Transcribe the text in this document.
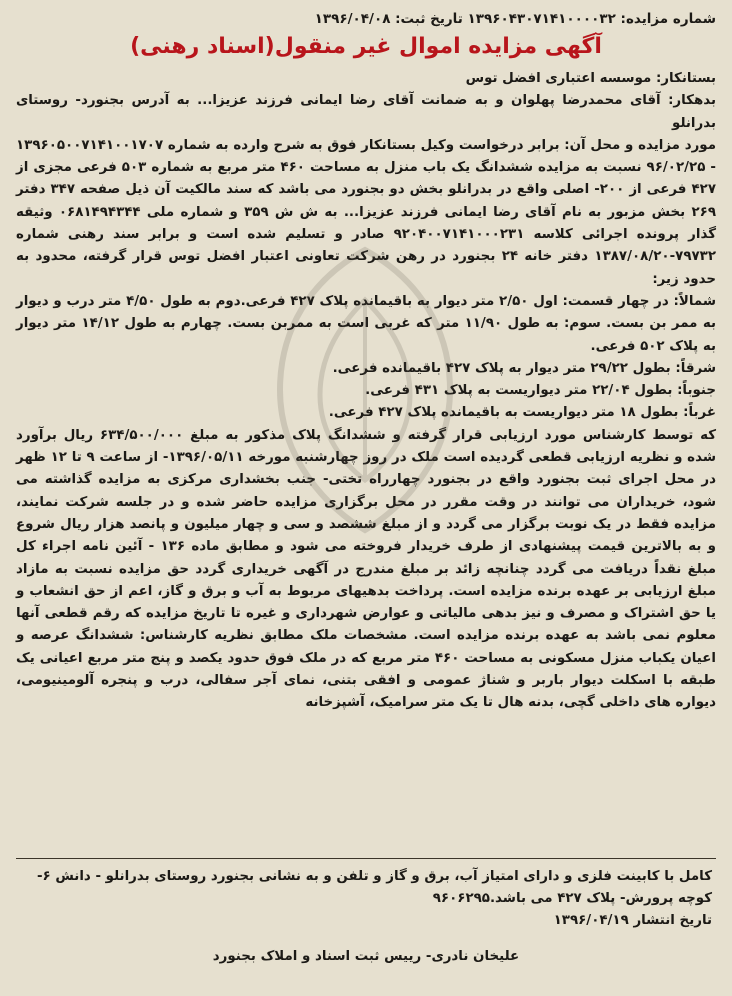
شماره مزایده: ۱۳۹۶۰۴۳۰۷۱۴۱۰۰۰۰۳۲ تاریخ ثبت: ۱۳۹۶/۰۴/۰۸
آگهی مزایده اموال غیر منقول(اسناد رهنی)

بستانکار: موسسه اعتباری افضل توس

بدهکار: آقای محمدرضا پهلوان و به ضمانت آقای رضا ایمانی فرزند عزیزا... به آدرس بجنورد- روستای بدرانلو

مورد مزایده و محل آن: برابر درخواست وکیل بستانکار فوق به شرح وارده به شماره ۱۳۹۶۰۵۰۰۷۱۴۱۰۰۱۷۰۷ - ۹۶/۰۲/۲۵ نسبت به مزایده ششدانگ یک باب منزل به مساحت ۴۶۰ متر مربع به شماره ۵۰۳ فرعی مجزی از ۴۲۷ فرعی از ۲۰۰- اصلی واقع در بدرانلو بخش دو بجنورد می باشد که سند مالکیت آن ذیل صفحه ۳۴۷ دفتر ۲۶۹ بخش مزبور به نام آقای رضا ایمانی فرزند عزیزا... به ش ش ۳۵۹ و شماره ملی ۰۶۸۱۴۹۴۳۴۴ وثیقه گذار پرونده اجرائی کلاسه ۹۲۰۴۰۰۷۱۴۱۰۰۰۲۳۱ صادر و تسلیم شده است و برابر سند رهنی شماره ۷۹۷۳۲-۱۳۸۷/۰۸/۲۰ دفتر خانه ۲۴ بجنورد در رهن شرکت تعاونی اعتبار افضل توس قرار گرفته، محدود به حدود زیر:

شمالاً: در چهار قسمت: اول ۲/۵۰ متر دیوار به باقیمانده پلاک ۴۲۷ فرعی.دوم به طول ۴/۵۰ متر درب و دیوار به ممر بن بست. سوم: به طول ۱۱/۹۰ متر که غربی است به ممربن بست. چهارم به طول ۱۴/۱۲ متر دیوار به پلاک ۵۰۲ فرعی.

شرقاً: بطول ۲۹/۲۲ متر دیوار به پلاک ۴۲۷ باقیمانده فرعی.

جنوباً: بطول ۲۲/۰۴ متر دیواریست به پلاک ۴۳۱ فرعی.

غرباً: بطول ۱۸ متر دیواریست به باقیمانده پلاک ۴۲۷ فرعی.

که توسط کارشناس مورد ارزیابی قرار گرفته و ششدانگ پلاک مذکور به مبلغ ۶۳۴/۵۰۰/۰۰۰ ریال برآورد شده و نظریه ارزیابی قطعی گردیده است ملک در روز چهارشنبه مورخه ۱۳۹۶/۰۵/۱۱- از ساعت ۹ تا ۱۲ ظهر در محل اجرای ثبت بجنورد واقع در بجنورد چهارراه تختی- جنب بخشداری مرکزی به مزایده گذاشته می شود، خریداران می توانند در وقت مقرر در محل برگزاری مزایده حاضر شده و در جلسه شرکت نمایند، مزایده فقط در یک نوبت برگزار می گردد و از مبلغ ششصد و سی و چهار میلیون و پانصد هزار ریال شروع و به بالاترین قیمت پیشنهادی از طرف خریدار فروخته می شود و مطابق ماده ۱۳۶ - آئین نامه اجراء کل مبلغ نقداً دریافت می گردد چنانچه زائد بر مبلغ مندرج در آگهی خریداری گردد حق مزایده نسبت به مازاد مبلغ ارزیابی بر عهده برنده مزایده است. پرداخت بدهیهای مربوط به آب و برق و گاز، اعم از حق انشعاب و یا حق اشتراک و مصرف و نیز بدهی مالیاتی و عوارض شهرداری و غیره تا تاریخ مزایده که رقم قطعی آنها معلوم نمی باشد به عهده برنده مزایده است. مشخصات ملک مطابق نظریه کارشناس: ششدانگ عرصه و اعیان یکباب منزل مسکونی به مساحت ۴۶۰ متر مربع که در ملک فوق حدود یکصد و پنج متر مربع اعیانی یک طبقه با اسکلت دیوار باربر و شناژ عمومی و افقی بتنی، نمای آجر سفالی، درب و پنجره آلومینیومی، دیواره های داخلی گچی، بدنه هال تا یک متر سرامیک، آشپزخانه

کامل با کابینت فلزی و دارای امتیاز آب، برق و گاز و تلفن و به نشانی بجنورد روستای بدرانلو - دانش ۶-کوچه پرورش- پلاک ۴۲۷ می باشد.۹۶۰۶۲۹۵

تاریخ انتشار ۱۳۹۶/۰۴/۱۹

علیخان نادری- رییس ثبت اسناد و املاک بجنورد
